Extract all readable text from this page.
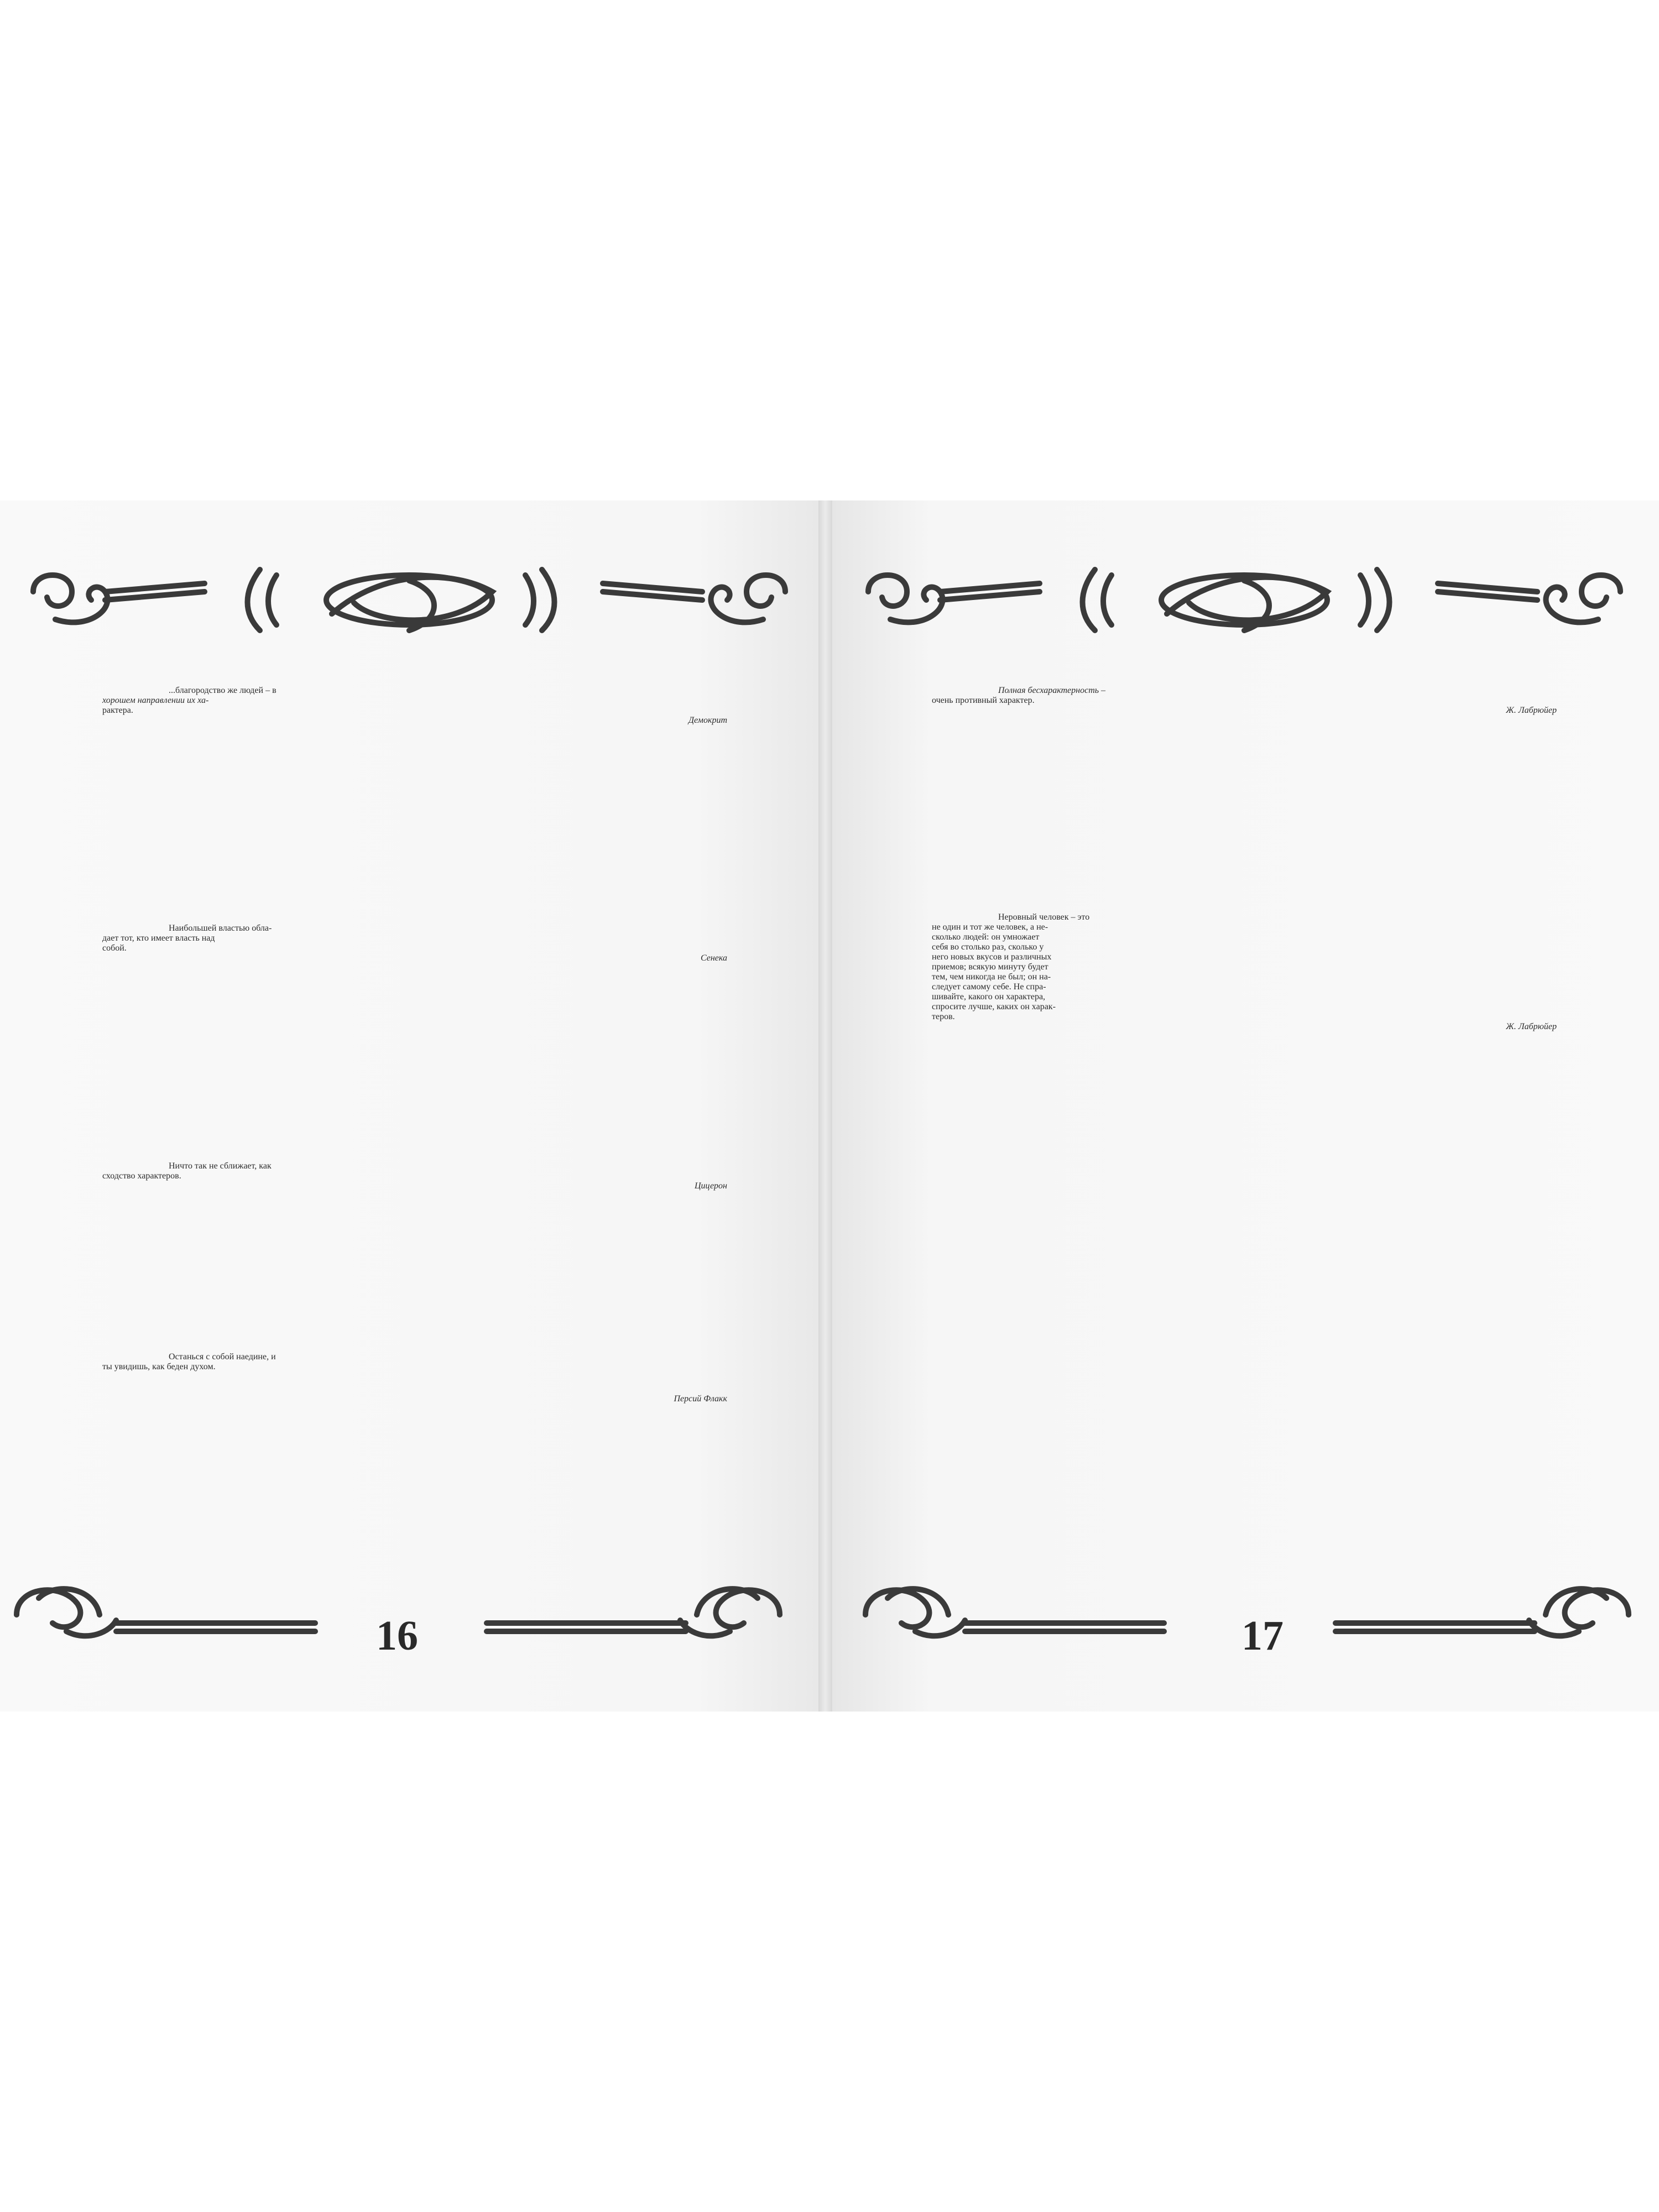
...благородство же людей – в
хорошем направлении их ха-
рактера.

Демокрит

Наибольшей властью обла-
дает тот, кто имеет власть над
собой.

Сенека

Ничто так не сближает, как
сходство характеров.

Цицерон

Останься с собой наедине, и
ты увидишь, как беден духом.

Персий Флакк

16

Полная бесхарактерность –
очень противный характер.

Ж. Лабрюйер

Неровный человек – это
не один и тот же человек, а не-
сколько людей: он умножает
себя во столько раз, сколько у
него новых вкусов и различных
приемов; всякую минуту будет
тем, чем никогда не был; он на-
следует самому себе. Не спра-
шивайте, какого он характера,
спросите лучше, каких он харак-
теров.

Ж. Лабрюйер

17
